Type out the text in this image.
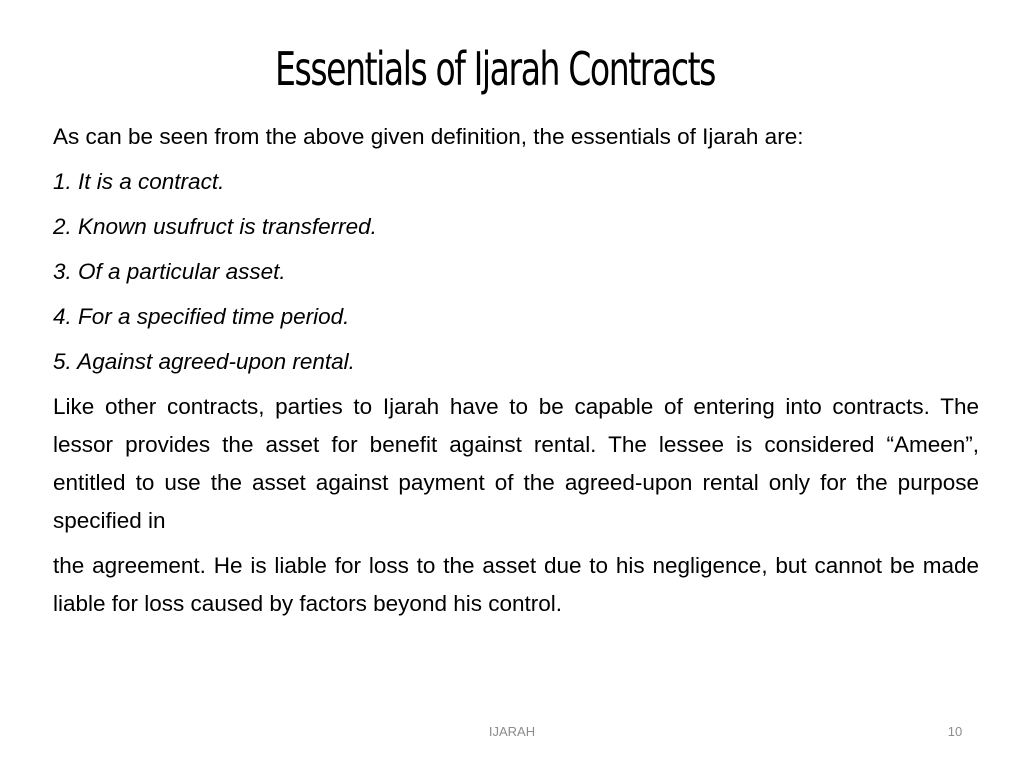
Essentials of Ijarah Contracts

As can be seen from the above given definition, the essentials of Ijarah are:

1. It is a contract.

2. Known usufruct is transferred.

3. Of a particular asset.

4. For a specified time period.

5. Against agreed-upon rental.

Like other contracts, parties to Ijarah have to be capable of entering into contracts. The lessor provides the asset for benefit against rental. The lessee is considered “Ameen”, entitled to use the asset against payment of the agreed-upon rental only for the purpose specified in

the agreement. He is liable for loss to the asset due to his negligence, but cannot be made liable for loss caused by factors beyond his control.

IJARAH	10
